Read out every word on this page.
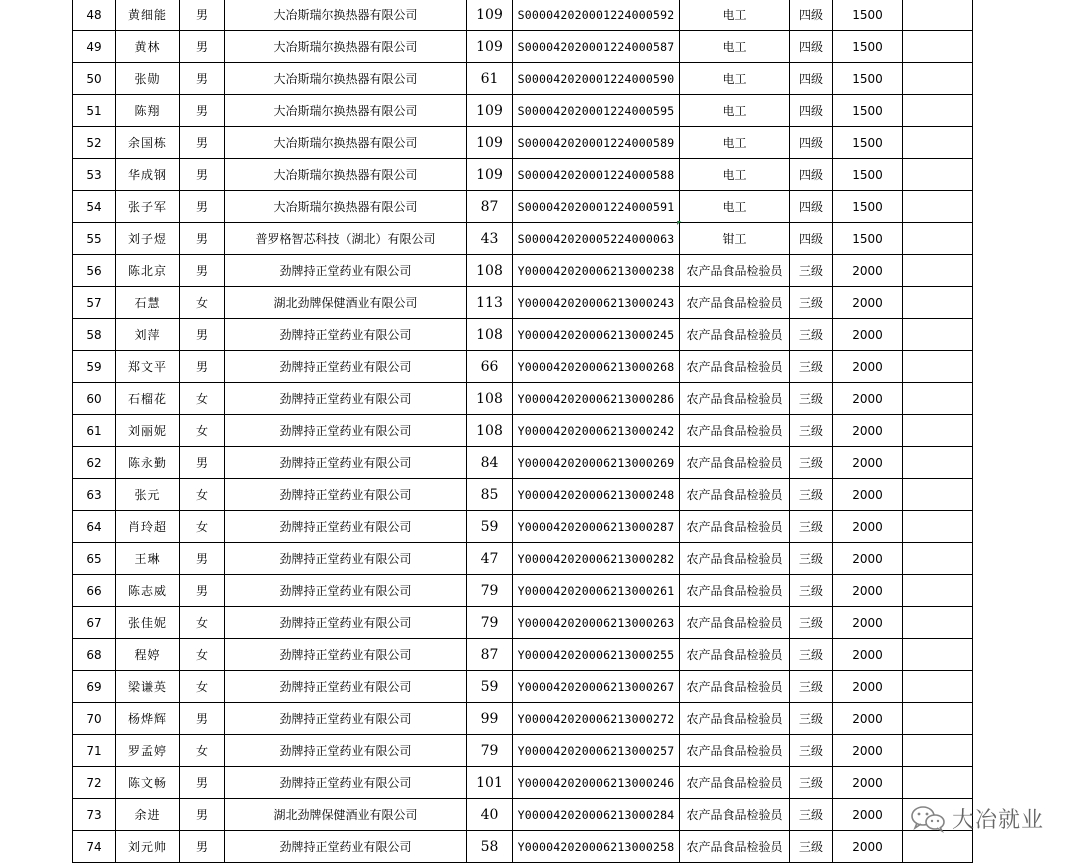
48	黄细能	男	大冶斯瑞尔换热器有限公司	109	S000042020001224000592	电工	四级	1500	
49	黄林	男	大冶斯瑞尔换热器有限公司	109	S000042020001224000587	电工	四级	1500	
50	张勋	男	大冶斯瑞尔换热器有限公司	61	S000042020001224000590	电工	四级	1500	
51	陈翔	男	大冶斯瑞尔换热器有限公司	109	S000042020001224000595	电工	四级	1500	
52	余国栋	男	大冶斯瑞尔换热器有限公司	109	S000042020001224000589	电工	四级	1500	
53	华成钢	男	大冶斯瑞尔换热器有限公司	109	S000042020001224000588	电工	四级	1500	
54	张子军	男	大冶斯瑞尔换热器有限公司	87	S000042020001224000591	电工	四级	1500	
55	刘子煜	男	普罗格智芯科技（湖北）有限公司	43	S000042020005224000063	钳工	四级	1500	
56	陈北京	男	劲牌持正堂药业有限公司	108	Y000042020006213000238	农产品食品检验员	三级	2000	
57	石慧	女	湖北劲牌保健酒业有限公司	113	Y000042020006213000243	农产品食品检验员	三级	2000	
58	刘萍	男	劲牌持正堂药业有限公司	108	Y000042020006213000245	农产品食品检验员	三级	2000	
59	郑文平	男	劲牌持正堂药业有限公司	66	Y000042020006213000268	农产品食品检验员	三级	2000	
60	石榴花	女	劲牌持正堂药业有限公司	108	Y000042020006213000286	农产品食品检验员	三级	2000	
61	刘丽妮	女	劲牌持正堂药业有限公司	108	Y000042020006213000242	农产品食品检验员	三级	2000	
62	陈永勤	男	劲牌持正堂药业有限公司	84	Y000042020006213000269	农产品食品检验员	三级	2000	
63	张元	女	劲牌持正堂药业有限公司	85	Y000042020006213000248	农产品食品检验员	三级	2000	
64	肖玲超	女	劲牌持正堂药业有限公司	59	Y000042020006213000287	农产品食品检验员	三级	2000	
65	王琳	男	劲牌持正堂药业有限公司	47	Y000042020006213000282	农产品食品检验员	三级	2000	
66	陈志威	男	劲牌持正堂药业有限公司	79	Y000042020006213000261	农产品食品检验员	三级	2000	
67	张佳妮	女	劲牌持正堂药业有限公司	79	Y000042020006213000263	农产品食品检验员	三级	2000	
68	程婷	女	劲牌持正堂药业有限公司	87	Y000042020006213000255	农产品食品检验员	三级	2000	
69	梁谦英	女	劲牌持正堂药业有限公司	59	Y000042020006213000267	农产品食品检验员	三级	2000	
70	杨烨辉	男	劲牌持正堂药业有限公司	99	Y000042020006213000272	农产品食品检验员	三级	2000	
71	罗孟婷	女	劲牌持正堂药业有限公司	79	Y000042020006213000257	农产品食品检验员	三级	2000	
72	陈文畅	男	劲牌持正堂药业有限公司	101	Y000042020006213000246	农产品食品检验员	三级	2000	
73	余进	男	湖北劲牌保健酒业有限公司	40	Y000042020006213000284	农产品食品检验员	三级	2000	
74	刘元帅	男	劲牌持正堂药业有限公司	58	Y000042020006213000258	农产品食品检验员	三级	2000	
大冶就业
